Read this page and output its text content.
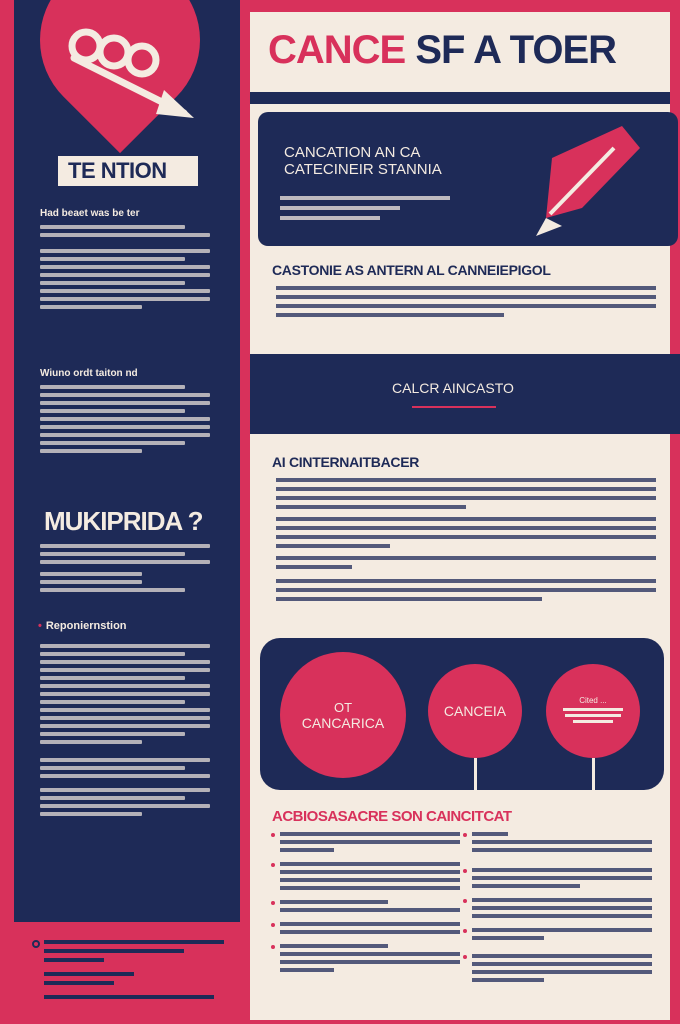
TE NTION
Had beaet was be ter
Wiuno ordt taiton nd
MUKIPRIDA ?
• Reponiernstion
CANCE SF A TOER
CANCATION AN CA
CATECINEIR STANNIA
CASTONIE AS ANTERN AL CANNEIEPIGOL
CALCR AINCASTO
AI CINTERNAITBACER
OT
CANCARICA
CANCEIA
Cited ...
ACBIOSASACRE SON CAINCITCAT
